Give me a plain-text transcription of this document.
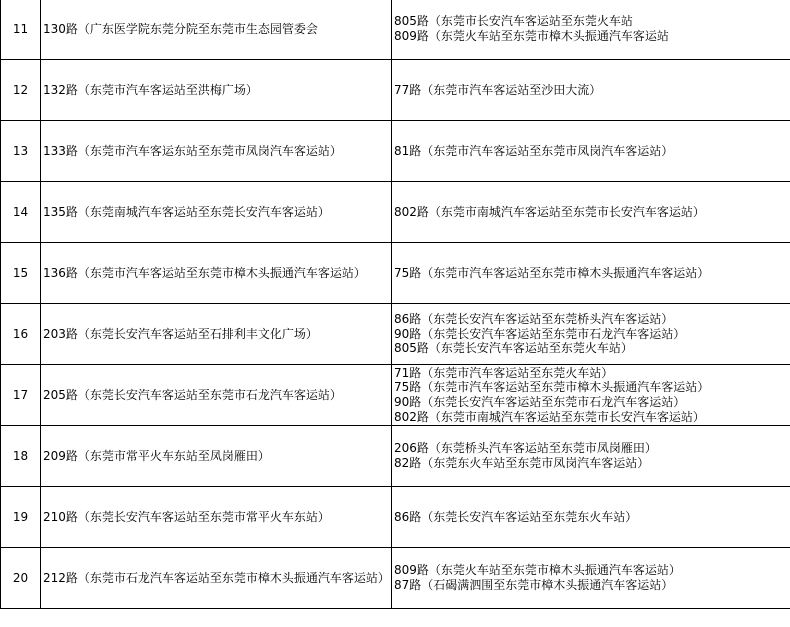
11	130路（广东医学院东莞分院至东莞市生态园管委会	805路（东莞市长安汽车客运站至东莞火车站
809路（东莞火车站至东莞市樟木头振通汽车客运站

12	132路（东莞市汽车客运站至洪梅广场）	77路（东莞市汽车客运站至沙田大流）

13	133路（东莞市汽车客运东站至东莞市凤岗汽车客运站）	81路（东莞市汽车客运站至东莞市凤岗汽车客运站）

14	135路（东莞南城汽车客运站至东莞长安汽车客运站）	802路（东莞市南城汽车客运站至东莞市长安汽车客运站）

15	136路（东莞市汽车客运站至东莞市樟木头振通汽车客运站）	75路（东莞市汽车客运站至东莞市樟木头振通汽车客运站）

16	203路（东莞长安汽车客运站至石排利丰文化广场）	86路（东莞长安汽车客运站至东莞桥头汽车客运站）
90路（东莞长安汽车客运站至东莞市石龙汽车客运站）
805路（东莞长安汽车客运站至东莞火车站）

17	205路（东莞长安汽车客运站至东莞市石龙汽车客运站）	71路（东莞市汽车客运站至东莞火车站）
75路（东莞市汽车客运站至东莞市樟木头振通汽车客运站）
90路（东莞长安汽车客运站至东莞市石龙汽车客运站）
802路（东莞市南城汽车客运站至东莞市长安汽车客运站）

18	209路（东莞市常平火车东站至凤岗雁田）	206路（东莞桥头汽车客运站至东莞市凤岗雁田）
82路（东莞东火车站至东莞市凤岗汽车客运站）

19	210路（东莞长安汽车客运站至东莞市常平火车东站）	86路（东莞长安汽车客运站至东莞东火车站）

20	212路（东莞市石龙汽车客运站至东莞市樟木头振通汽车客运站）	809路（东莞火车站至东莞市樟木头振通汽车客运站）
87路（石碣满泗围至东莞市樟木头振通汽车客运站）
